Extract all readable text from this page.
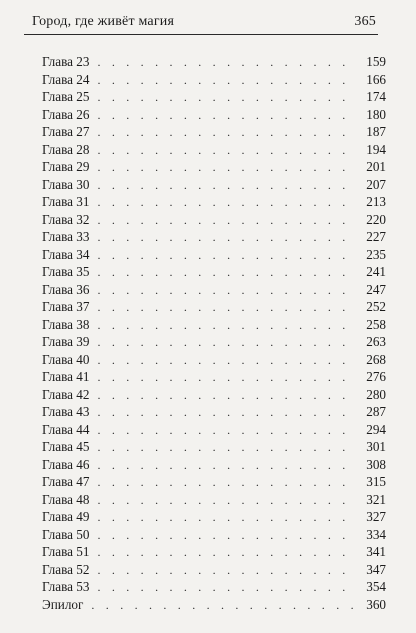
Город, где живёт магия	365
Глава 23 . . .	159
Глава 24 . . .	166
Глава 25 . . .	174
Глава 26 . . .	180
Глава 27 . . .	187
Глава 28 . . .	194
Глава 29 . . .	201
Глава 30 . . .	207
Глава 31 . . .	213
Глава 32 . . .	220
Глава 33 . . .	227
Глава 34 . . .	235
Глава 35 . . .	241
Глава 36 . . .	247
Глава 37 . . .	252
Глава 38 . . .	258
Глава 39 . . .	263
Глава 40 . . .	268
Глава 41 . . .	276
Глава 42 . . .	280
Глава 43 . . .	287
Глава 44 . . .	294
Глава 45 . . .	301
Глава 46 . . .	308
Глава 47 . . .	315
Глава 48 . . .	321
Глава 49 . . .	327
Глава 50 . . .	334
Глава 51 . . .	341
Глава 52 . . .	347
Глава 53 . . .	354
Эпилог . . .	360
